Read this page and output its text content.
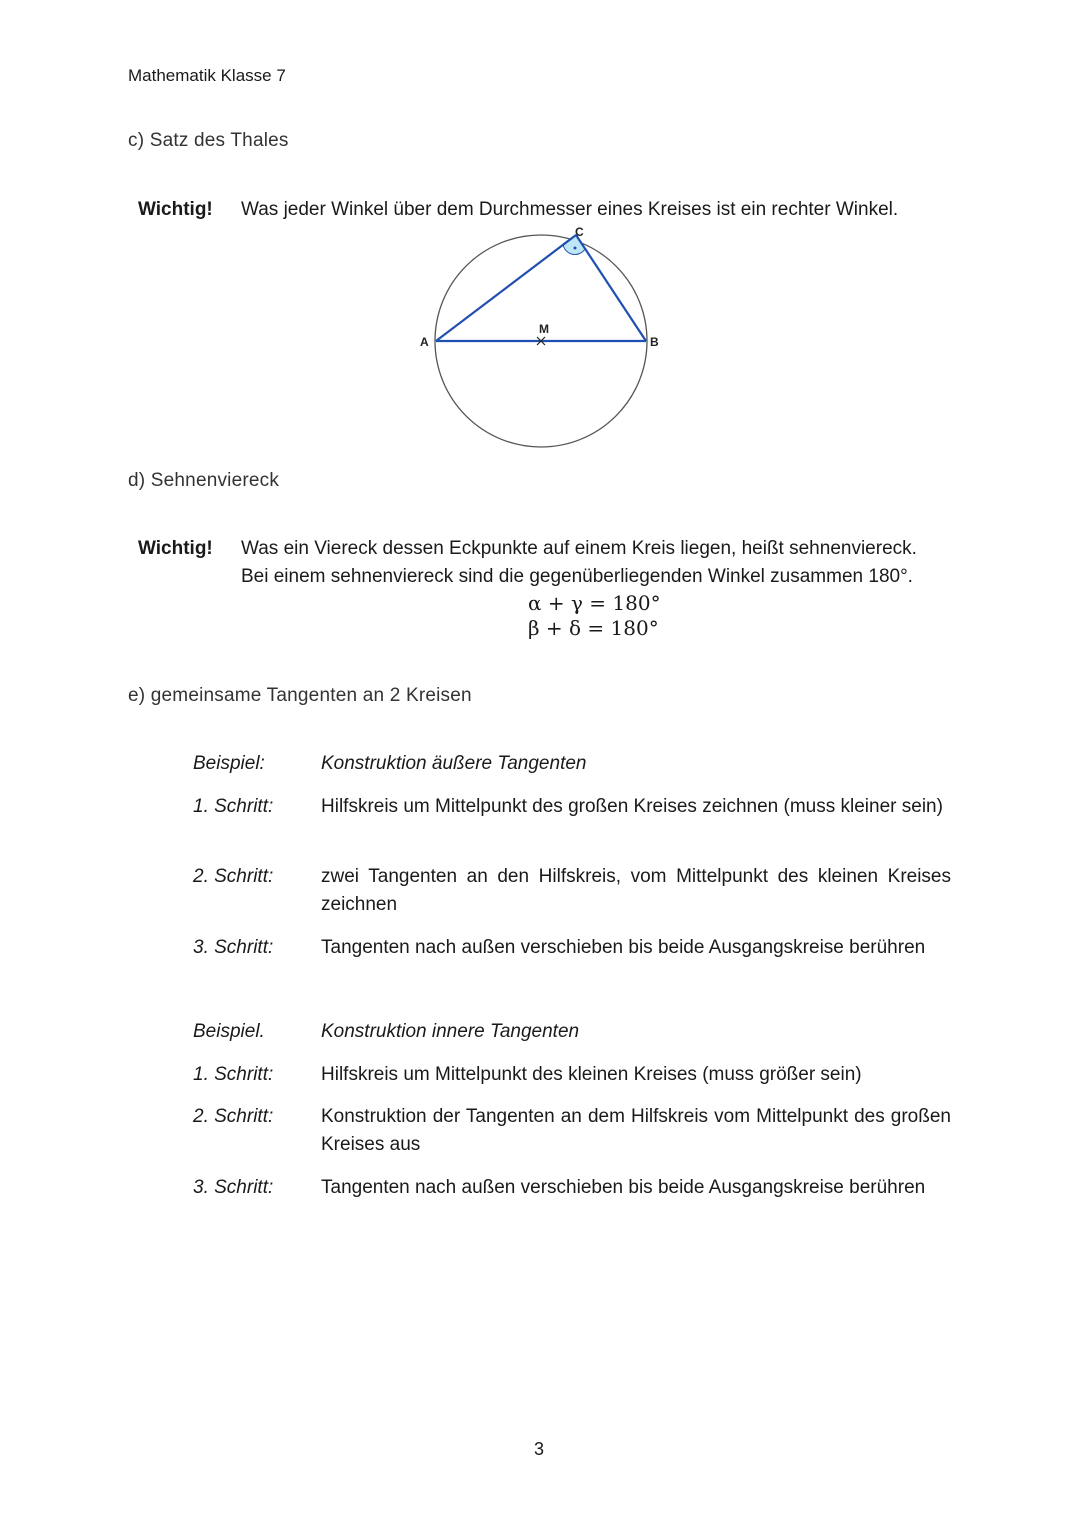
Mathematik Klasse 7
c) Satz des Thales
Wichtig! Was jeder Winkel über dem Durchmesser eines Kreises ist ein rechter Winkel.
A	B
C
M
d) Sehnenviereck
Wichtig! Was ein Viereck dessen Eckpunkte auf einem Kreis liegen, heißt sehnenviereck.
Bei einem sehnenviereck sind die gegenüberliegenden Winkel zusammen 180°.
α + γ = 180°
β + δ = 180°
e) gemeinsame Tangenten an 2 Kreisen
Beispiel:	Konstruktion äußere Tangenten
1. Schritt:	Hilfskreis um Mittelpunkt des großen Kreises zeichnen (muss kleiner sein)
2. Schritt:	zwei Tangenten an den Hilfskreis, vom Mittelpunkt des kleinen Kreises zeichnen
3. Schritt:	Tangenten nach außen verschieben bis beide Ausgangskreise berühren
Beispiel.	Konstruktion innere Tangenten
1. Schritt:	Hilfskreis um Mittelpunkt des kleinen Kreises (muss größer sein)
2. Schritt:	Konstruktion der Tangenten an dem Hilfskreis vom Mittelpunkt des großen Kreises aus
3. Schritt:	Tangenten nach außen verschieben bis beide Ausgangskreise berühren
3
